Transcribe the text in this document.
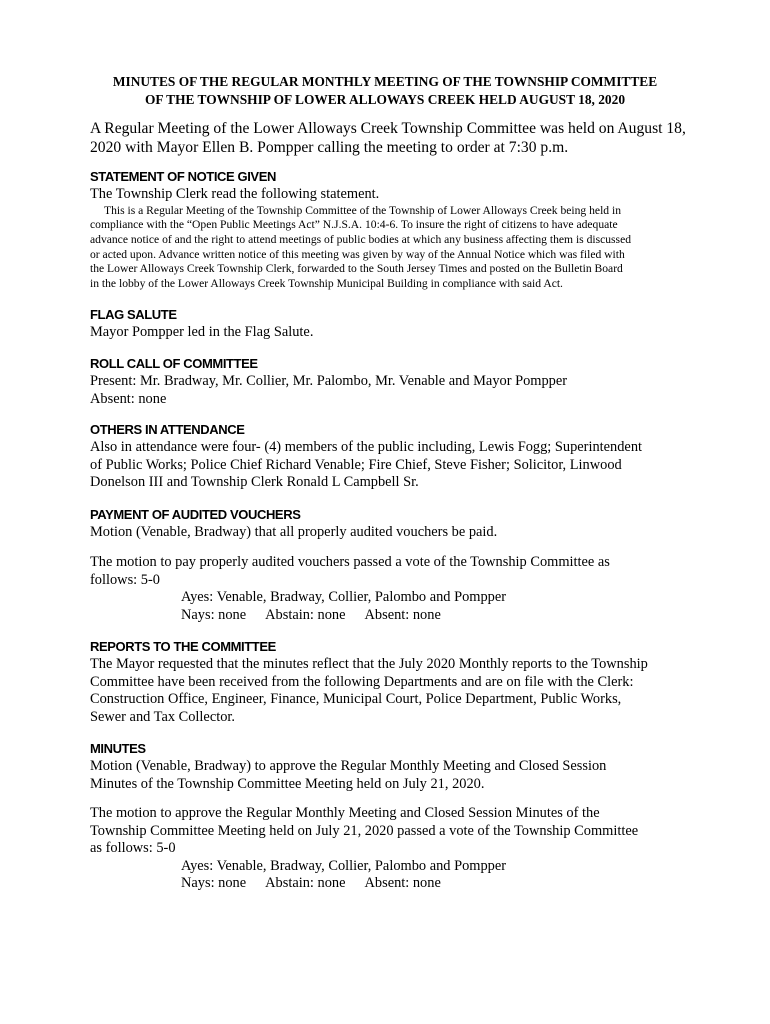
MINUTES OF THE REGULAR MONTHLY MEETING OF THE TOWNSHIP COMMITTEE
OF THE TOWNSHIP OF LOWER ALLOWAYS CREEK HELD AUGUST 18, 2020

A Regular Meeting of the Lower Alloways Creek Township Committee was held on August 18,
2020 with Mayor Ellen B. Pompper calling the meeting to order at 7:30 p.m.

STATEMENT OF NOTICE GIVEN

The Township Clerk read the following statement.

This is a Regular Meeting of the Township Committee of the Township of Lower Alloways Creek being held in
compliance with the “Open Public Meetings Act” N.J.S.A. 10:4-6. To insure the right of citizens to have adequate
advance notice of and the right to attend meetings of public bodies at which any business affecting them is discussed
or acted upon. Advance written notice of this meeting was given by way of the Annual Notice which was filed with
the Lower Alloways Creek Township Clerk, forwarded to the South Jersey Times and posted on the Bulletin Board
in the lobby of the Lower Alloways Creek Township Municipal Building in compliance with said Act.

FLAG SALUTE

Mayor Pompper led in the Flag Salute.

ROLL CALL OF COMMITTEE

Present: Mr. Bradway, Mr. Collier, Mr. Palombo, Mr. Venable and Mayor Pompper

Absent: none

OTHERS IN ATTENDANCE

Also in attendance were four- (4) members of the public including, Lewis Fogg; Superintendent
of Public Works; Police Chief Richard Venable; Fire Chief, Steve Fisher; Solicitor, Linwood
Donelson III and Township Clerk Ronald L Campbell Sr.

PAYMENT OF AUDITED VOUCHERS

Motion (Venable, Bradway) that all properly audited vouchers be paid.

The motion to pay properly audited vouchers passed a vote of the Township Committee as
follows: 5-0

Ayes: Venable, Bradway, Collier, Palombo and Pompper

Nays: none Abstain: none Absent: none

REPORTS TO THE COMMITTEE

The Mayor requested that the minutes reflect that the July 2020 Monthly reports to the Township
Committee have been received from the following Departments and are on file with the Clerk:
Construction Office, Engineer, Finance, Municipal Court, Police Department, Public Works,
Sewer and Tax Collector.

MINUTES

Motion (Venable, Bradway) to approve the Regular Monthly Meeting and Closed Session
Minutes of the Township Committee Meeting held on July 21, 2020.

The motion to approve the Regular Monthly Meeting and Closed Session Minutes of the
Township Committee Meeting held on July 21, 2020 passed a vote of the Township Committee
as follows: 5-0

Ayes: Venable, Bradway, Collier, Palombo and Pompper

Nays: none Abstain: none Absent: none
